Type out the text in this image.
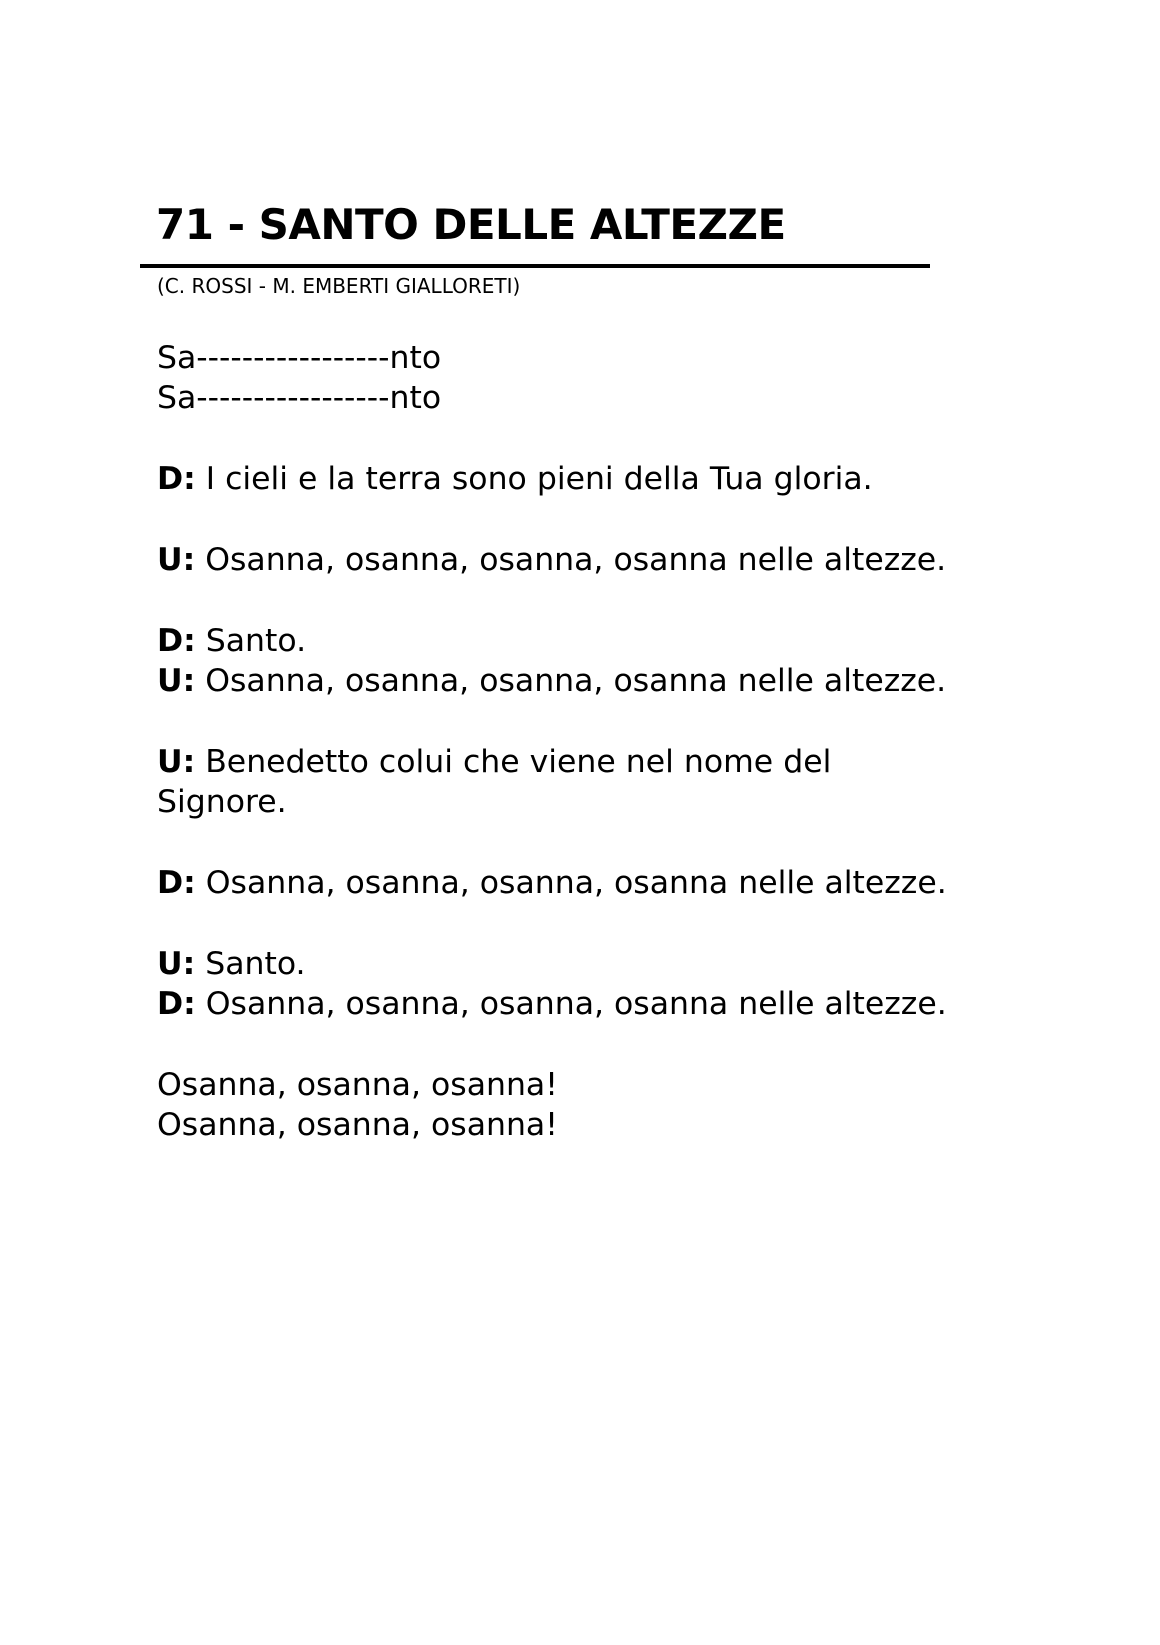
71 - SANTO DELLE ALTEZZE

(C. ROSSI - M. EMBERTI GIALLORETI)

Sa-----------------nto
Sa-----------------nto

D: I cieli e la terra sono pieni della Tua gloria.

U: Osanna, osanna, osanna, osanna nelle altezze.

D: Santo.
U: Osanna, osanna, osanna, osanna nelle altezze.

U: Benedetto colui che viene nel nome del Signore.

D: Osanna, osanna, osanna, osanna nelle altezze.

U: Santo.
D: Osanna, osanna, osanna, osanna nelle altezze.

Osanna, osanna, osanna!
Osanna, osanna, osanna!
